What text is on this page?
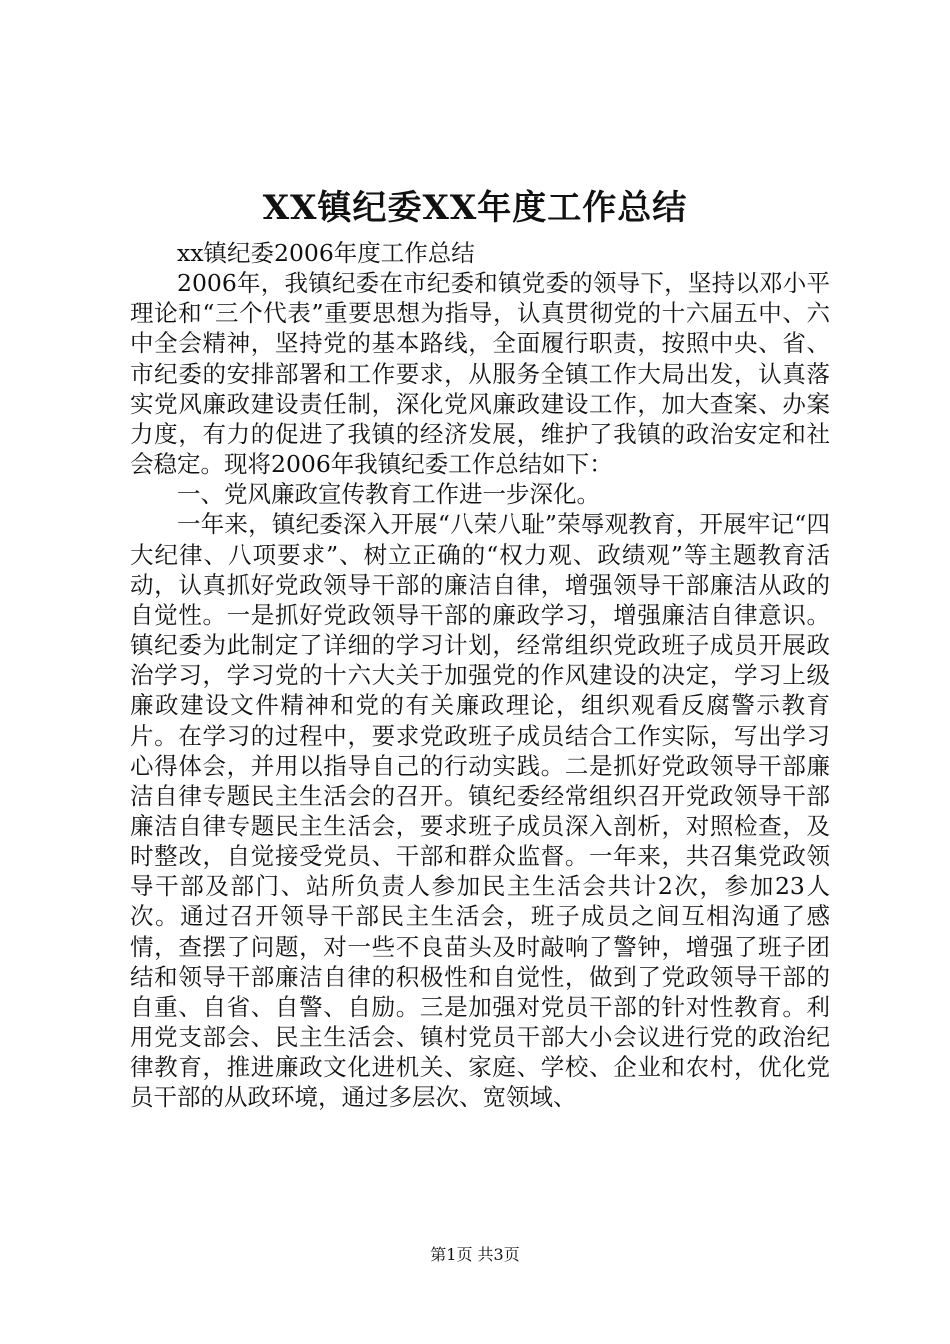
XX镇纪委XX年度工作总结

xx镇纪委2006年度工作总结

2006年，我镇纪委在市纪委和镇党委的领导下，坚持以邓小平理论和“三个代表”重要思想为指导，认真贯彻党的十六届五中、六中全会精神，坚持党的基本路线，全面履行职责，按照中央、省、市纪委的安排部署和工作要求，从服务全镇工作大局出发，认真落实党风廉政建设责任制，深化党风廉政建设工作，加大查案、办案力度，有力的促进了我镇的经济发展，维护了我镇的政治安定和社会稳定。现将2006年我镇纪委工作总结如下：

一、党风廉政宣传教育工作进一步深化。

一年来，镇纪委深入开展“八荣八耻”荣辱观教育，开展牢记“四大纪律、八项要求”、树立正确的“权力观、政绩观”等主题教育活动，认真抓好党政领导干部的廉洁自律，增强领导干部廉洁从政的自觉性。一是抓好党政领导干部的廉政学习，增强廉洁自律意识。镇纪委为此制定了详细的学习计划，经常组织党政班子成员开展政治学习，学习党的十六大关于加强党的作风建设的决定，学习上级廉政建设文件精神和党的有关廉政理论，组织观看反腐警示教育片。在学习的过程中，要求党政班子成员结合工作实际，写出学习心得体会，并用以指导自己的行动实践。二是抓好党政领导干部廉洁自律专题民主生活会的召开。镇纪委经常组织召开党政领导干部廉洁自律专题民主生活会，要求班子成员深入剖析，对照检查，及时整改，自觉接受党员、干部和群众监督。一年来，共召集党政领导干部及部门、站所负责人参加民主生活会共计2次，参加23人次。通过召开领导干部民主生活会，班子成员之间互相沟通了感情，查摆了问题，对一些不良苗头及时敲响了警钟，增强了班子团结和领导干部廉洁自律的积极性和自觉性，做到了党政领导干部的自重、自省、自警、自励。三是加强对党员干部的针对性教育。利用党支部会、民主生活会、镇村党员干部大小会议进行党的政治纪律教育，推进廉政文化进机关、家庭、学校、企业和农村，优化党员干部的从政环境，通过多层次、宽领域、

第1页 共3页
